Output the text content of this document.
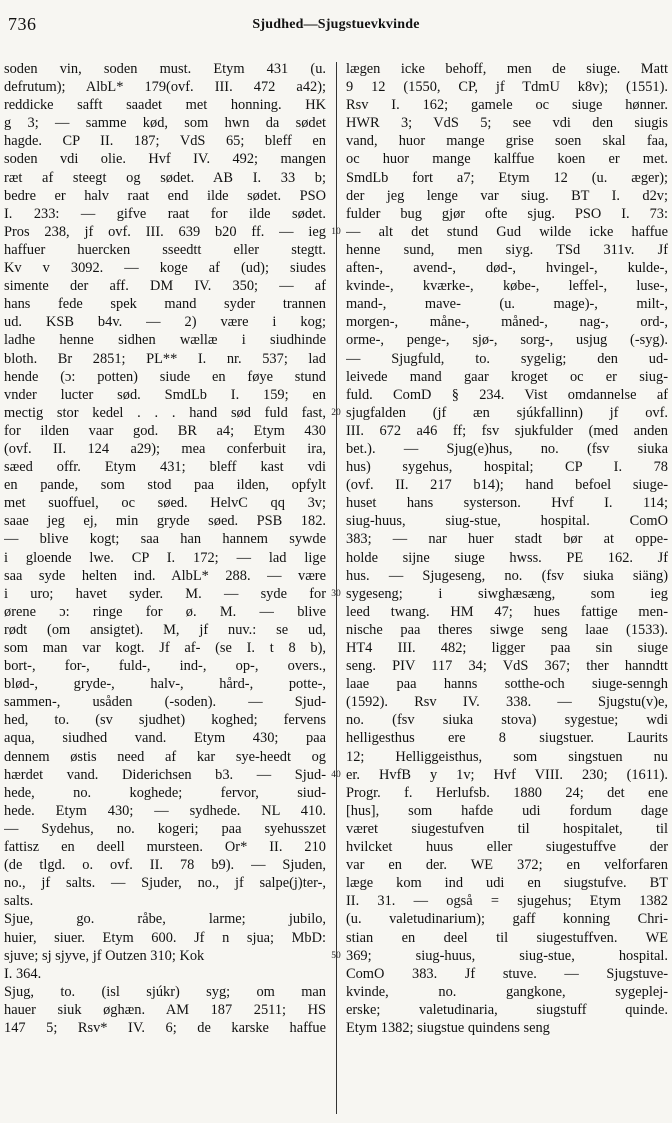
736	Sjudhed—Sjugstuevkvinde
soden vin, soden must. Etym 431 (u.
defrutum); AlbL* 179(ovf. III. 472 a42);
reddicke safft saadet met honning. HK
g 3; — samme kød, som hwn da sødet
hagde. CP II. 187; VdS 65; bleff en
soden vdi olie. Hvf IV. 492; mangen
ræt af steegt og sødet. AB I. 33 b;
bedre er halv raat end ilde sødet. PSO
I. 233: — gifve raat for ilde sødet.
Pros 238, jf ovf. III. 639 b20 ff. — ieg
haffuer huercken sseedtt eller stegtt.
Kv v 3092. — koge af (ud); siudes
simente der aff. DM IV. 350; — af
hans fede spek mand syder trannen
ud. KSB b4v. — 2) være i kog;
ladhe henne sidhen wællæ i siudhinde
bloth. Br 2851; PL** I. nr. 537; lad
hende (ɔ: potten) siude en føye stund
vnder lucter sød. SmdLb I. 159; en
mectig stor kedel . . . hand sød fuld fast,
for ilden vaar god. BR a4; Etym 430
(ovf. II. 124 a29); mea conferbuit ira,
sæed offr. Etym 431; bleff kast vdi
en pande, som stod paa ilden, opfylt
met suoffuel, oc søed. HelvC qq 3v;
saae jeg ej, min gryde søed. PSB 182.
— blive kogt; saa han hannem sywde
i gloende lwe. CP I. 172; — lad lige
saa syde helten ind. AlbL* 288. — være
i uro; havet syder. M. — syde for
ørene ɔ: ringe for ø. M. — blive
rødt (om ansigtet). M, jf nuv.: se ud,
som man var kogt. Jf af- (se I. t 8 b),
bort-, for-, fuld-, ind-, op-, overs.,
blød-, gryde-, halv-, hård-, potte-,
sammen-, usåden (-soden). — Sjud-
hed, to. (sv sjudhet) koghed; fervens
aqua, siudhed vand. Etym 430; paa
dennem østis need af kar sye-heedt og
hærdet vand. Diderichsen b3. — Sjud-
hede, no. koghede; fervor, siud-
hede. Etym 430; — sydhede. NL 410.
— Sydehus, no. kogeri; paa syehusszet
fattisz en deell mursteen. Or* II. 210
(de tlgd. o. ovf. II. 78 b9). — Sjuden,
no., jf salts. — Sjuder, no., jf salpe(j)ter-,
salts.
Sjue, go. råbe, larme; jubilo,
huier, siuer. Etym 600. Jf n sjua; MbD:
sjuve; sj sjyve, jf Outzen 310; Kok
I. 364.
Sjug, to. (isl sjúkr) syg; om man
hauer siuk øghæn. AM 187 2511; HS
147 5; Rsv* IV. 6; de karske haffue
10
20
30
40
50
lægen icke behoff, men de siuge. Matt
9 12 (1550, CP, jf TdmU k8v); (1551).
Rsv I. 162; gamele oc siuge hønner.
HWR 3; VdS 5; see vdi den siugis
vand, huor mange grise soen skal faa,
oc huor mange kalffue koen er met.
SmdLb fort a7; Etym 12 (u. æger);
der jeg lenge var siug. BT I. d2v;
fulder bug gjør ofte sjug. PSO I. 73:
— alt det stund Gud wilde icke haffue
henne sund, men siyg. TSd 311v. Jf
aften-, avend-, død-, hvingel-, kulde-,
kvinde-, kværke-, købe-, leffel-, luse-,
mand-, mave- (u. mage)-, milt-,
morgen-, måne-, måned-, nag-, ord-,
orme-, penge-, sjø-, sorg-, usjug (-syg).
— Sjugfuld, to. sygelig; den ud-
leivede mand gaar kroget oc er siug-
fuld. ComD § 234. Vist omdannelse af
sjugfalden (jf æn sjúkfallinn) jf ovf.
III. 672 a46 ff; fsv sjukfulder (med anden
bet.). — Sjug(e)hus, no. (fsv siuka
hus) sygehus, hospital; CP I. 78
(ovf. II. 217 b14); hand befoel siuge-
huset hans systerson. Hvf I. 114;
siug-huus, siug-stue, hospital. ComO
383; — nar huer stadt bør at oppe-
holde sijne siuge hwss. PE 162. Jf
hus. — Sjugeseng, no. (fsv siuka siäng)
sygeseng; i siwghæsæng, som ieg
leed twang. HM 47; hues fattige men-
nische paa theres siwge seng laae (1533).
HT4 III. 482; ligger paa sin siuge
seng. PIV 117 34; VdS 367; ther hanndtt
laae paa hanns sotthe-och siuge-senngh
(1592). Rsv IV. 338. — Sjugstu(v)e,
no. (fsv siuka stova) sygestue; wdi
helligesthus ere 8 siugstuer. Laurits
12; Helliggeisthus, som singstuen nu
er. HvfB y 1v; Hvf VIII. 230; (1611).
Progr. f. Herlufsb. 1880 24; det ene
[hus], som hafde udi fordum dage
været siugestufven til hospitalet, til
hvilcket huus eller siugestuffve der
var en der. WE 372; en velforfaren
læge kom ind udi en siugstufve. BT
II. 31. — også = sjugehus; Etym 1382
(u. valetudinarium); gaff konning Chri-
stian en deel til siugestuffven. WE
369; siug-huus, siug-stue, hospital.
ComO 383. Jf stuve. — Sjugstuve-
kvinde, no. gangkone, sygeplej-
erske; valetudinaria, siugstuff quinde.
Etym 1382; siugstue quindens seng
